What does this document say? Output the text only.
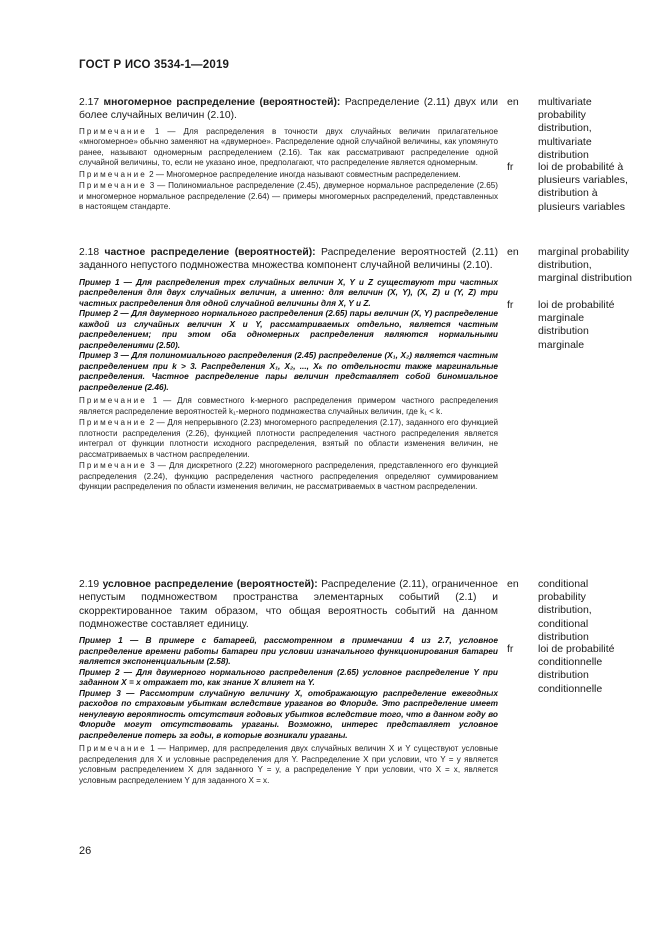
ГОСТ Р ИСО 3534-1—2019

2.17 многомерное распределение (вероятностей): Распределение (2.11) двух или более случайных величин (2.10).

Примечание 1 — Для распределения в точности двух случайных величин прилагательное «многомерное» обычно заменяют на «двумерное». Распределение одной случайной величины, как упомянуто ранее, называют одномерным распределением (2.16). Так как рассматривают распределение одной случайной величины, то, если не указано иное, предполагают, что распределение является одномерным.

Примечание 2 — Многомерное распределение иногда называют совместным распределением.

Примечание 3 — Полиномиальное распределение (2.45), двумерное нормальное распределение (2.65) и многомерное нормальное распределение (2.64) — примеры многомерных распределений, представленных в настоящем стандарте.

en multivariate probability distribution, multivariate distribution
fr loi de probabilité à plusieurs variables, distribution à plusieurs variables

2.18 частное распределение (вероятностей): Распределение вероятностей (2.11) заданного непустого подмножества множества компонент случайной величины (2.10).

Пример 1 — Для распределения трех случайных величин X, Y и Z существуют три частных распределения для двух случайных величин, а именно: для величин (X, Y), (X, Z) и (Y, Z) три частных распределения для одной случайной величины для X, Y и Z.

Пример 2 — Для двумерного нормального распределения (2.65) пары величин (X, Y) распределение каждой из случайных величин X и Y, рассматриваемых отдельно, является частным распределением; при этом оба одномерных распределения являются нормальными распределениями (2.50).

Пример 3 — Для полиномиального распределения (2.45) распределение (X₁, X₂) является частным распределением при k > 3. Распределения X₁, X₂, ..., Xₖ по отдельности также маргинальные распределения. Частное распределение пары величин представляет собой биномиальное распределение (2.46).

Примечание 1 — Для совместного k-мерного распределения примером частного распределения является распределение вероятностей k₁-мерного подмножества случайных величин, где k₁ < k.

Примечание 2 — Для непрерывного (2.23) многомерного распределения (2.17), заданного его функцией плотности распределения (2.26), функцией плотности распределения частного распределения является интеграл от функции плотности исходного распределения, взятый по области изменения величин, не рассматриваемых в частном распределении.

Примечание 3 — Для дискретного (2.22) многомерного распределения, представленного его функцией распределения (2.24), функцию распределения частного распределения определяют суммированием функции распределения по области изменения величин, не рассматриваемых в частном распределении.

en marginal probability distribution, marginal distribution
fr loi de probabilité marginale distribution marginale

2.19 условное распределение (вероятностей): Распределение (2.11), ограниченное непустым подмножеством пространства элементарных событий (2.1) и скорректированное таким образом, что общая вероятность событий на данном подмножестве составляет единицу.

Пример 1 — В примере с батареей, рассмотренном в примечании 4 из 2.7, условное распределение времени работы батареи при условии изначального функционирования батареи является экспоненциальным (2.58).

Пример 2 — Для двумерного нормального распределения (2.65) условное распределение Y при заданном X = x отражает то, как знание X влияет на Y.

Пример 3 — Рассмотрим случайную величину X, отображающую распределение ежегодных расходов по страховым убыткам вследствие ураганов во Флориде. Это распределение имеет ненулевую вероятность отсутствия годовых убытков вследствие того, что в данном году во Флориде могут отсутствовать ураганы. Возможно, интерес представляет условное распределение потерь за годы, в которые возникали ураганы.

Примечание 1 — Например, для распределения двух случайных величин X и Y существуют условные распределения для X и условные распределения для Y. Распределение X при условии, что Y = y является условным распределением X для заданного Y = y, а распределение Y при условии, что X = x, является условным распределением Y для заданного X = x.

en conditional probability distribution, conditional distribution
fr loi de probabilité conditionnelle distribution conditionnelle
26
